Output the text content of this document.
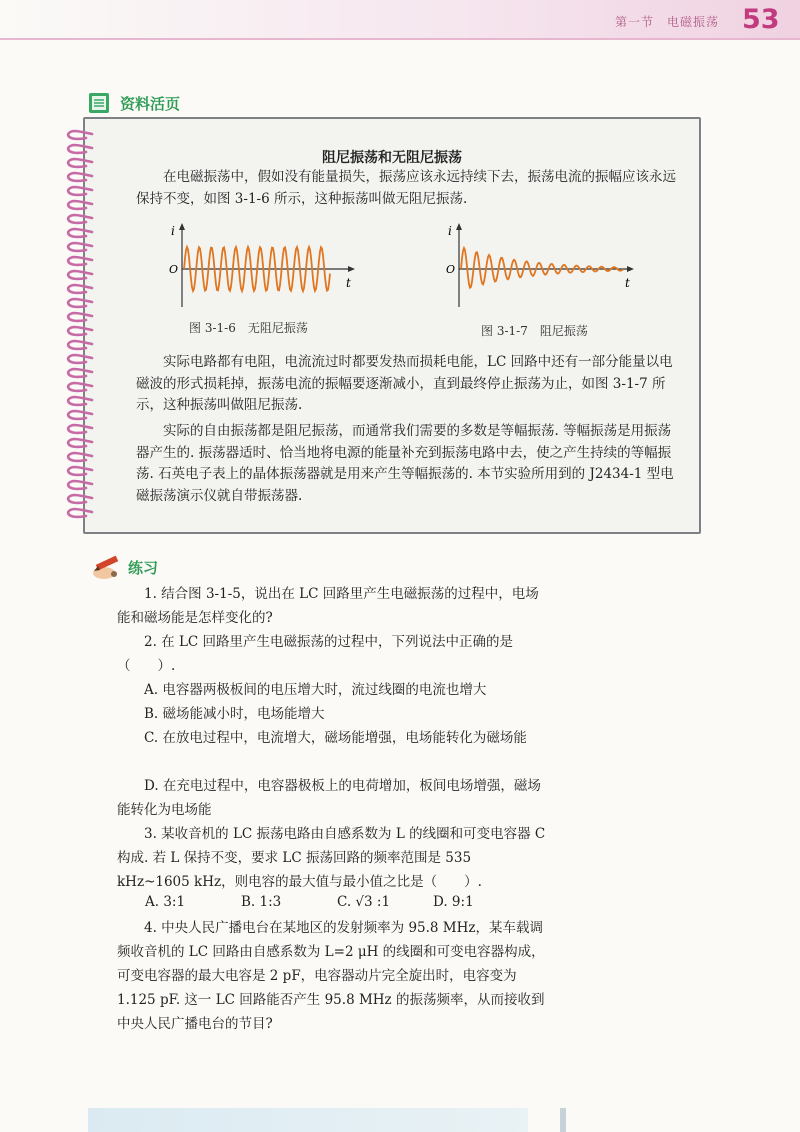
第一节　电磁振荡 53
资料活页
阻尼振荡和无阻尼振荡

在电磁振荡中，假如没有能量损失，振荡应该永远持续下去，振荡电流的振幅应该永远保持不变，如图 3-1-6 所示，这种振荡叫做无阻尼振荡.

i
O
t
图 3-1-6　无阻尼振荡
i
O
t
图 3-1-7　阻尼振荡

实际电路都有电阻，电流流过时都要发热而损耗电能，LC 回路中还有一部分能量以电磁波的形式损耗掉，振荡电流的振幅要逐渐减小，直到最终停止振荡为止，如图 3-1-7 所示，这种振荡叫做阻尼振荡.

实际的自由振荡都是阻尼振荡，而通常我们需要的多数是等幅振荡. 等幅振荡是用振荡器产生的. 振荡器适时、恰当地将电源的能量补充到振荡电路中去，使之产生持续的等幅振荡. 石英电子表上的晶体振荡器就是用来产生等幅振荡的. 本节实验所用到的 J2434-1 型电磁振荡演示仪就自带振荡器.

练习

1. 结合图 3-1-5，说出在 LC 回路里产生电磁振荡的过程中，电场能和磁场能是怎样变化的?

2. 在 LC 回路里产生电磁振荡的过程中，下列说法中正确的是（　　）.

A. 电容器两极板间的电压增大时，流过线圈的电流也增大

B. 磁场能减小时，电场能增大

C. 在放电过程中，电流增大，磁场能增强，电场能转化为磁场能

D. 在充电过程中，电容器极板上的电荷增加，板间电场增强，磁场能转化为电场能

3. 某收音机的 LC 振荡电路由自感系数为 L 的线圈和可变电容器 C 构成. 若 L 保持不变，要求 LC 振荡回路的频率范围是 535 kHz~1605 kHz，则电容的最大值与最小值之比是（　　）.

A. 3:1	B. 1:3	C. √3 :1	D. 9:1

4. 中央人民广播电台在某地区的发射频率为 95.8 MHz，某车载调频收音机的 LC 回路由自感系数为 L=2 μH 的线圈和可变电容器构成，可变电容器的最大电容是 2 pF，电容器动片完全旋出时，电容变为 1.125 pF. 这一 LC 回路能否产生 95.8 MHz 的振荡频率，从而接收到中央人民广播电台的节目?
